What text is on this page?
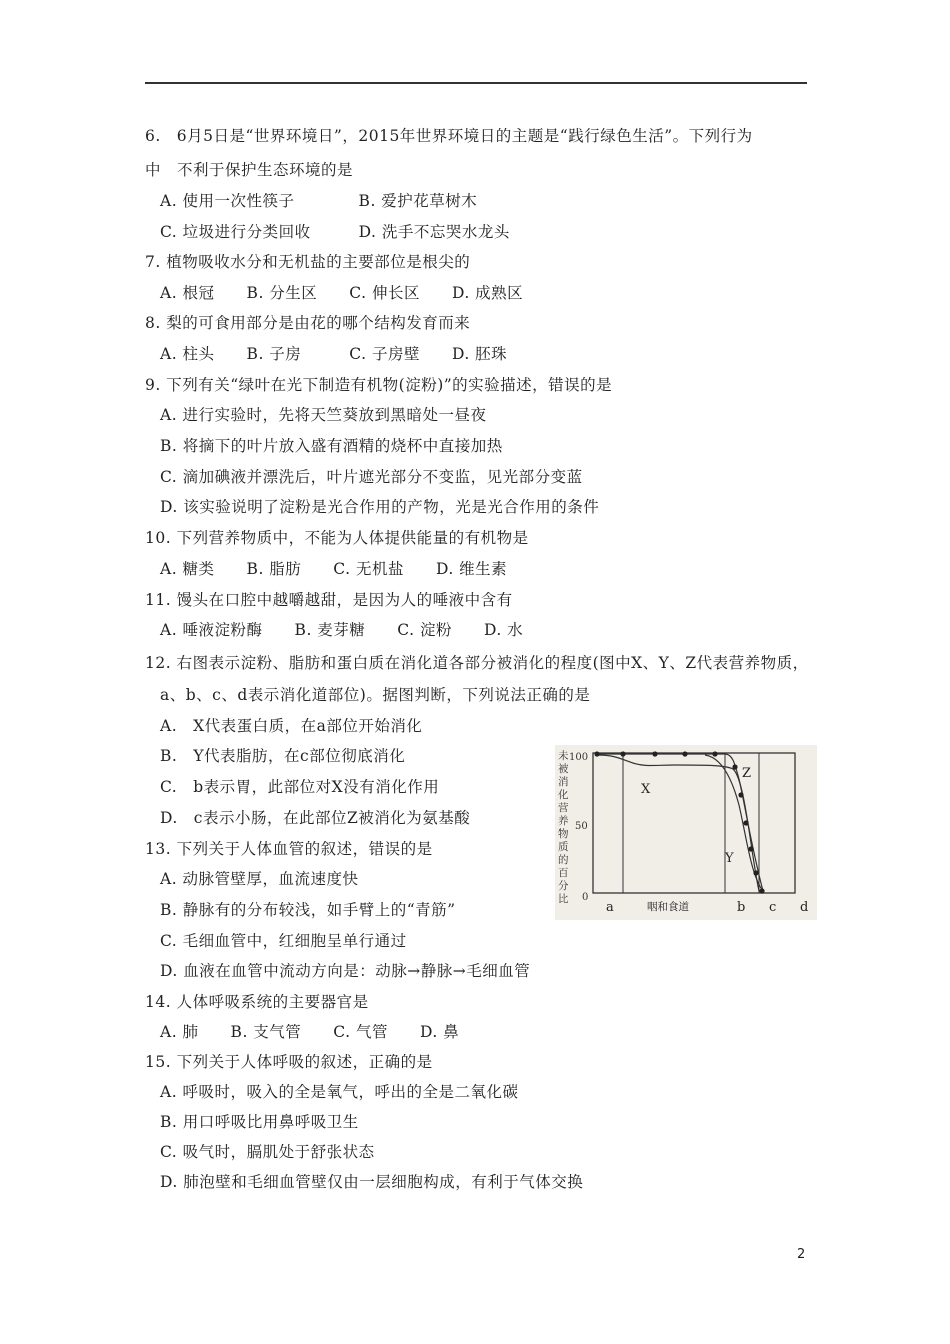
6.　6月5日是“世界环境日”，2015年世界环境日的主题是“践行绿色生活”。下列行为
中　不利于保护生态环境的是
A. 使用一次性筷子　　　　B. 爱护花草树木
C. 垃圾进行分类回收　　　D. 洗手不忘哭水龙头
7. 植物吸收水分和无机盐的主要部位是根尖的
A. 根冠　　B. 分生区　　C. 伸长区　　D. 成熟区
8. 梨的可食用部分是由花的哪个结构发育而来
A. 柱头　　B. 子房　　　C. 子房壁　　D. 胚珠
9. 下列有关“绿叶在光下制造有机物(淀粉)”的实验描述，错误的是
A. 进行实验时，先将天竺葵放到黑暗处一昼夜
B. 将摘下的叶片放入盛有酒精的烧杯中直接加热
C. 滴加碘液并漂洗后，叶片遮光部分不变监，见光部分变蓝
D. 该实验说明了淀粉是光合作用的产物，光是光合作用的条件
10. 下列营养物质中，不能为人体提供能量的有机物是
A. 糖类　　B. 脂肪　　C. 无机盐　　D. 维生素
11. 馒头在口腔中越嚼越甜，是因为人的唾液中含有
A. 唾液淀粉酶　　B. 麦芽糖　　C. 淀粉　　D. 水
12. 右图表示淀粉、脂肪和蛋白质在消化道各部分被消化的程度(图中X、Y、Z代表营养物质，
a、b、c、d表示消化道部位)。据图判断，下列说法正确的是
A.　X代表蛋白质，在a部位开始消化
B.　Y代表脂肪，在c部位彻底消化
C.　b表示胃，此部位对X没有消化作用
D.　c表示小肠，在此部位Z被消化为氨基酸
13. 下列关于人体血管的叙述，错误的是
A. 动脉管壁厚，血流速度快
B. 静脉有的分布较浅，如手臂上的“青筋”
C. 毛细血管中，红细胞呈单行通过
D. 血液在血管中流动方向是：动脉→静脉→毛细血管
14. 人体呼吸系统的主要器官是
A. 肺　　B. 支气管　　C. 气管　　D. 鼻
15. 下列关于人体呼吸的叙述，正确的是
A. 呼吸时，吸入的全是氧气，呼出的全是二氧化碳
B. 用口呼吸比用鼻呼吸卫生
C. 吸气时，膈肌处于舒张状态
D. 肺泡壁和毛细血管壁仅由一层细胞构成，有利于气体交换
未
被
消
化
营
养
物
质
的
百
分
比
100
50
0
X
Y
Z
a	咽和食道	b c d
2
